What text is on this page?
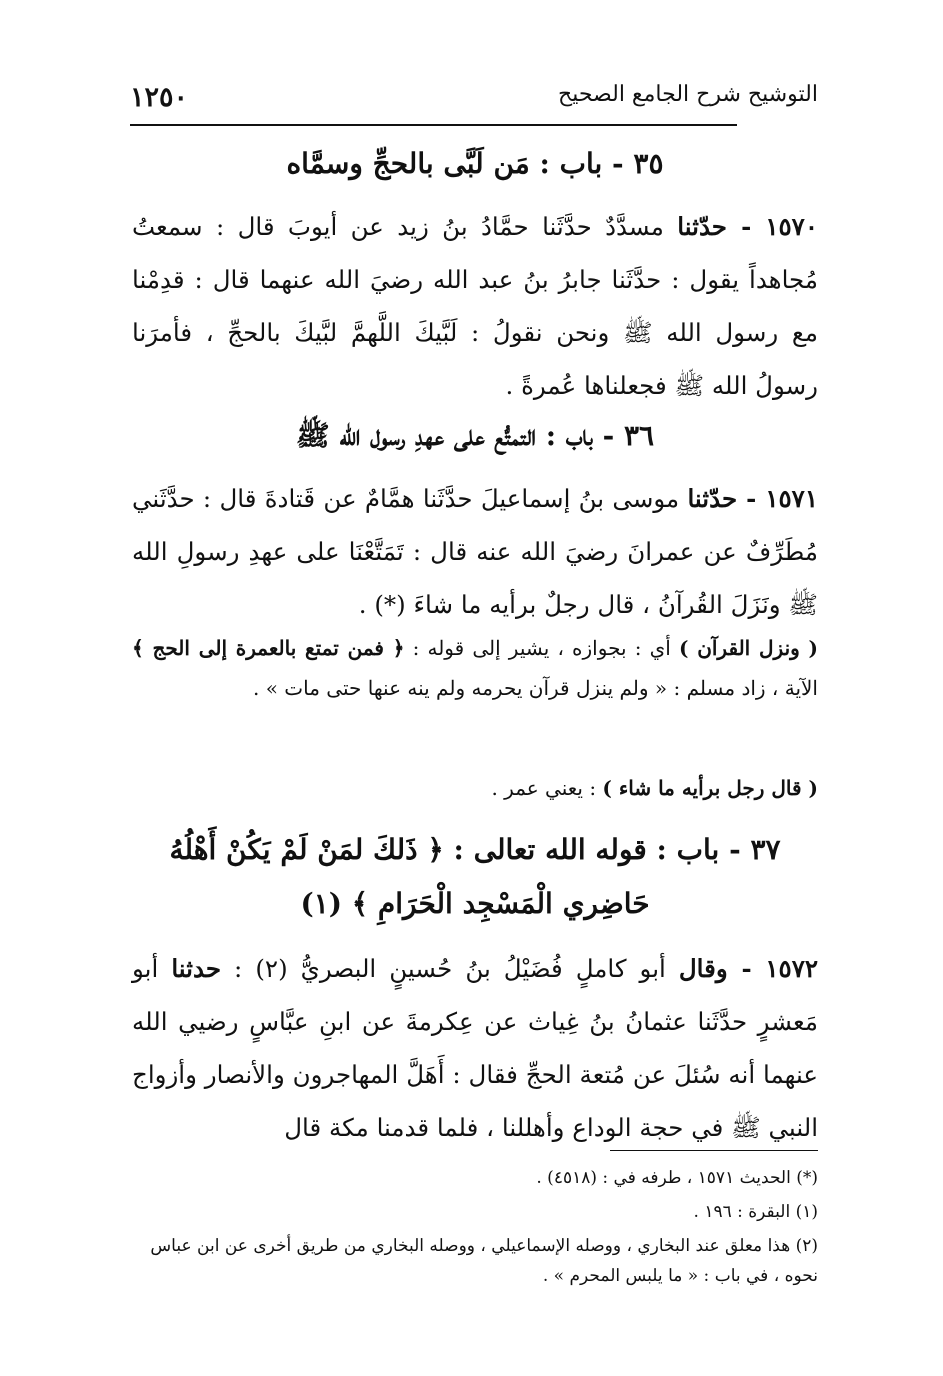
١٢٥٠	التوشيح شرح الجامع الصحيح
٣٥ - باب : مَن لَبَّى بالحجِّ وسمَّاه
١٥٧٠ - حدّثنا مسدَّدٌ حدَّثَنا حمَّادُ بنُ زيد عن أيوبَ قال : سمعتُ مُجاهداً يقول : حدَّثَنا جابرُ بنُ عبد الله رضيَ الله عنهما قال : قدِمْنا مع رسول الله ﷺ ونحن نقولُ : لَبَّيكَ اللَّهمَّ لبَّيكَ بالحجِّ ، فأمرَنا رسولُ الله ﷺ فجعلناها عُمرةً .
٣٦ - باب : التمتُّع على عهدِ رسول الله ﷺ
١٥٧١ - حدّثنا موسى بنُ إسماعيلَ حدَّثَنا همَّامٌ عن قَتادةَ قال : حدَّثَني مُطَرِّفٌ عن عمرانَ رضيَ الله عنه قال : تَمَتَّعْنَا على عهدِ رسولِ الله ﷺ ونَزَلَ القُرآنُ ، قال رجلٌ برأيه ما شاءَ (*) .
( ونزل القرآن ) أي : بجوازه ، يشير إلى قوله : ﴿ فمن تمتع بالعمرة إلى الحج ﴾ الآية ، زاد مسلم : « ولم ينزل قرآن يحرمه ولم ينه عنها حتى مات » .
( قال رجل برأيه ما شاء ) : يعني عمر .
٣٧ - باب : قوله الله تعالى : ﴿ ذَلكَ لمَنْ لَمْ يَكُنْ أَهْلُهُ
حَاضِري الْمَسْجِد الْحَرَامِ ﴾ (١)
١٥٧٢ - وقال أبو كاملٍ فُضَيْلُ بنُ حُسينٍ البصريُّ (٢) : حدثنا أبو مَعشرٍ حدَّثَنا عثمانُ بنُ غِياث عن عِكرمةَ عن ابنِ عبَّاسٍ رضيي الله عنهما أنه سُئلَ عن مُتعة الحجِّ فقال : أَهَلَّ المهاجرون والأنصار وأزواج النبي ﷺ في حجة الوداع وأهللنا ، فلما قدمنا مكة قال
(*) الحديث ١٥٧١ ، طرفه في : (٤٥١٨) .
(١) البقرة : ١٩٦ .
(٢) هذا معلق عند البخاري ، ووصله الإسماعيلي ، ووصله البخاري من طريق أخرى عن ابن عباس نحوه ، في باب : « ما يلبس المحرم » .
